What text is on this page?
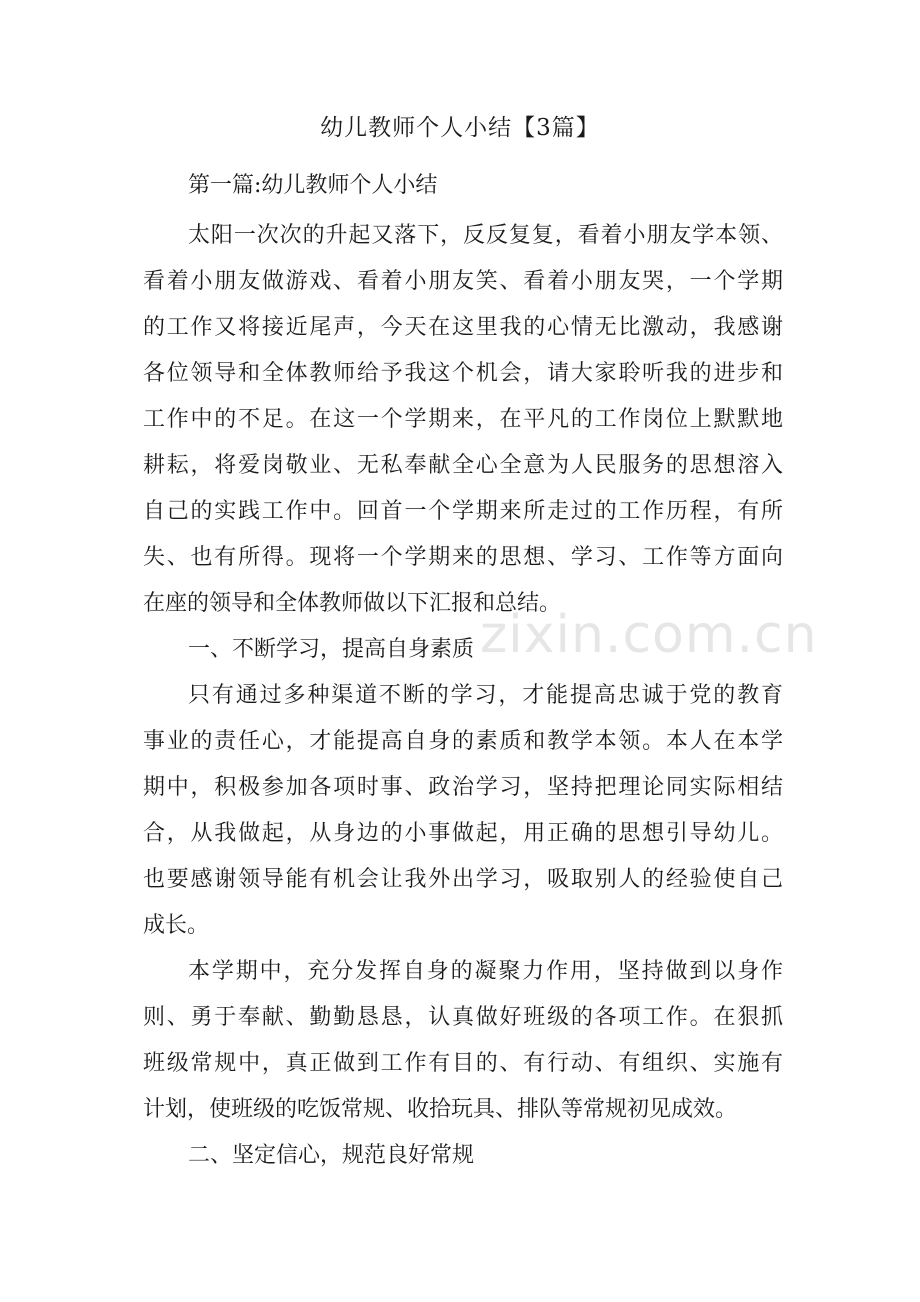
zixin.com.cn
幼儿教师个人小结【3篇】

第一篇:幼儿教师个人小结

太阳一次次的升起又落下，反反复复，看着小朋友学本领、

看着小朋友做游戏、看着小朋友笑、看着小朋友哭，一个学期

的工作又将接近尾声，今天在这里我的心情无比激动，我感谢

各位领导和全体教师给予我这个机会，请大家聆听我的进步和

工作中的不足。在这一个学期来，在平凡的工作岗位上默默地

耕耘，将爱岗敬业、无私奉献全心全意为人民服务的思想溶入

自己的实践工作中。回首一个学期来所走过的工作历程，有所

失、也有所得。现将一个学期来的思想、学习、工作等方面向

在座的领导和全体教师做以下汇报和总结。

一、不断学习，提高自身素质

只有通过多种渠道不断的学习，才能提高忠诚于党的教育

事业的责任心，才能提高自身的素质和教学本领。本人在本学

期中，积极参加各项时事、政治学习，坚持把理论同实际相结

合，从我做起，从身边的小事做起，用正确的思想引导幼儿。

也要感谢领导能有机会让我外出学习，吸取别人的经验使自己

成长。

本学期中，充分发挥自身的凝聚力作用，坚持做到以身作

则、勇于奉献、勤勤恳恳，认真做好班级的各项工作。在狠抓

班级常规中，真正做到工作有目的、有行动、有组织、实施有

计划，使班级的吃饭常规、收拾玩具、排队等常规初见成效。

二、坚定信心，规范良好常规
